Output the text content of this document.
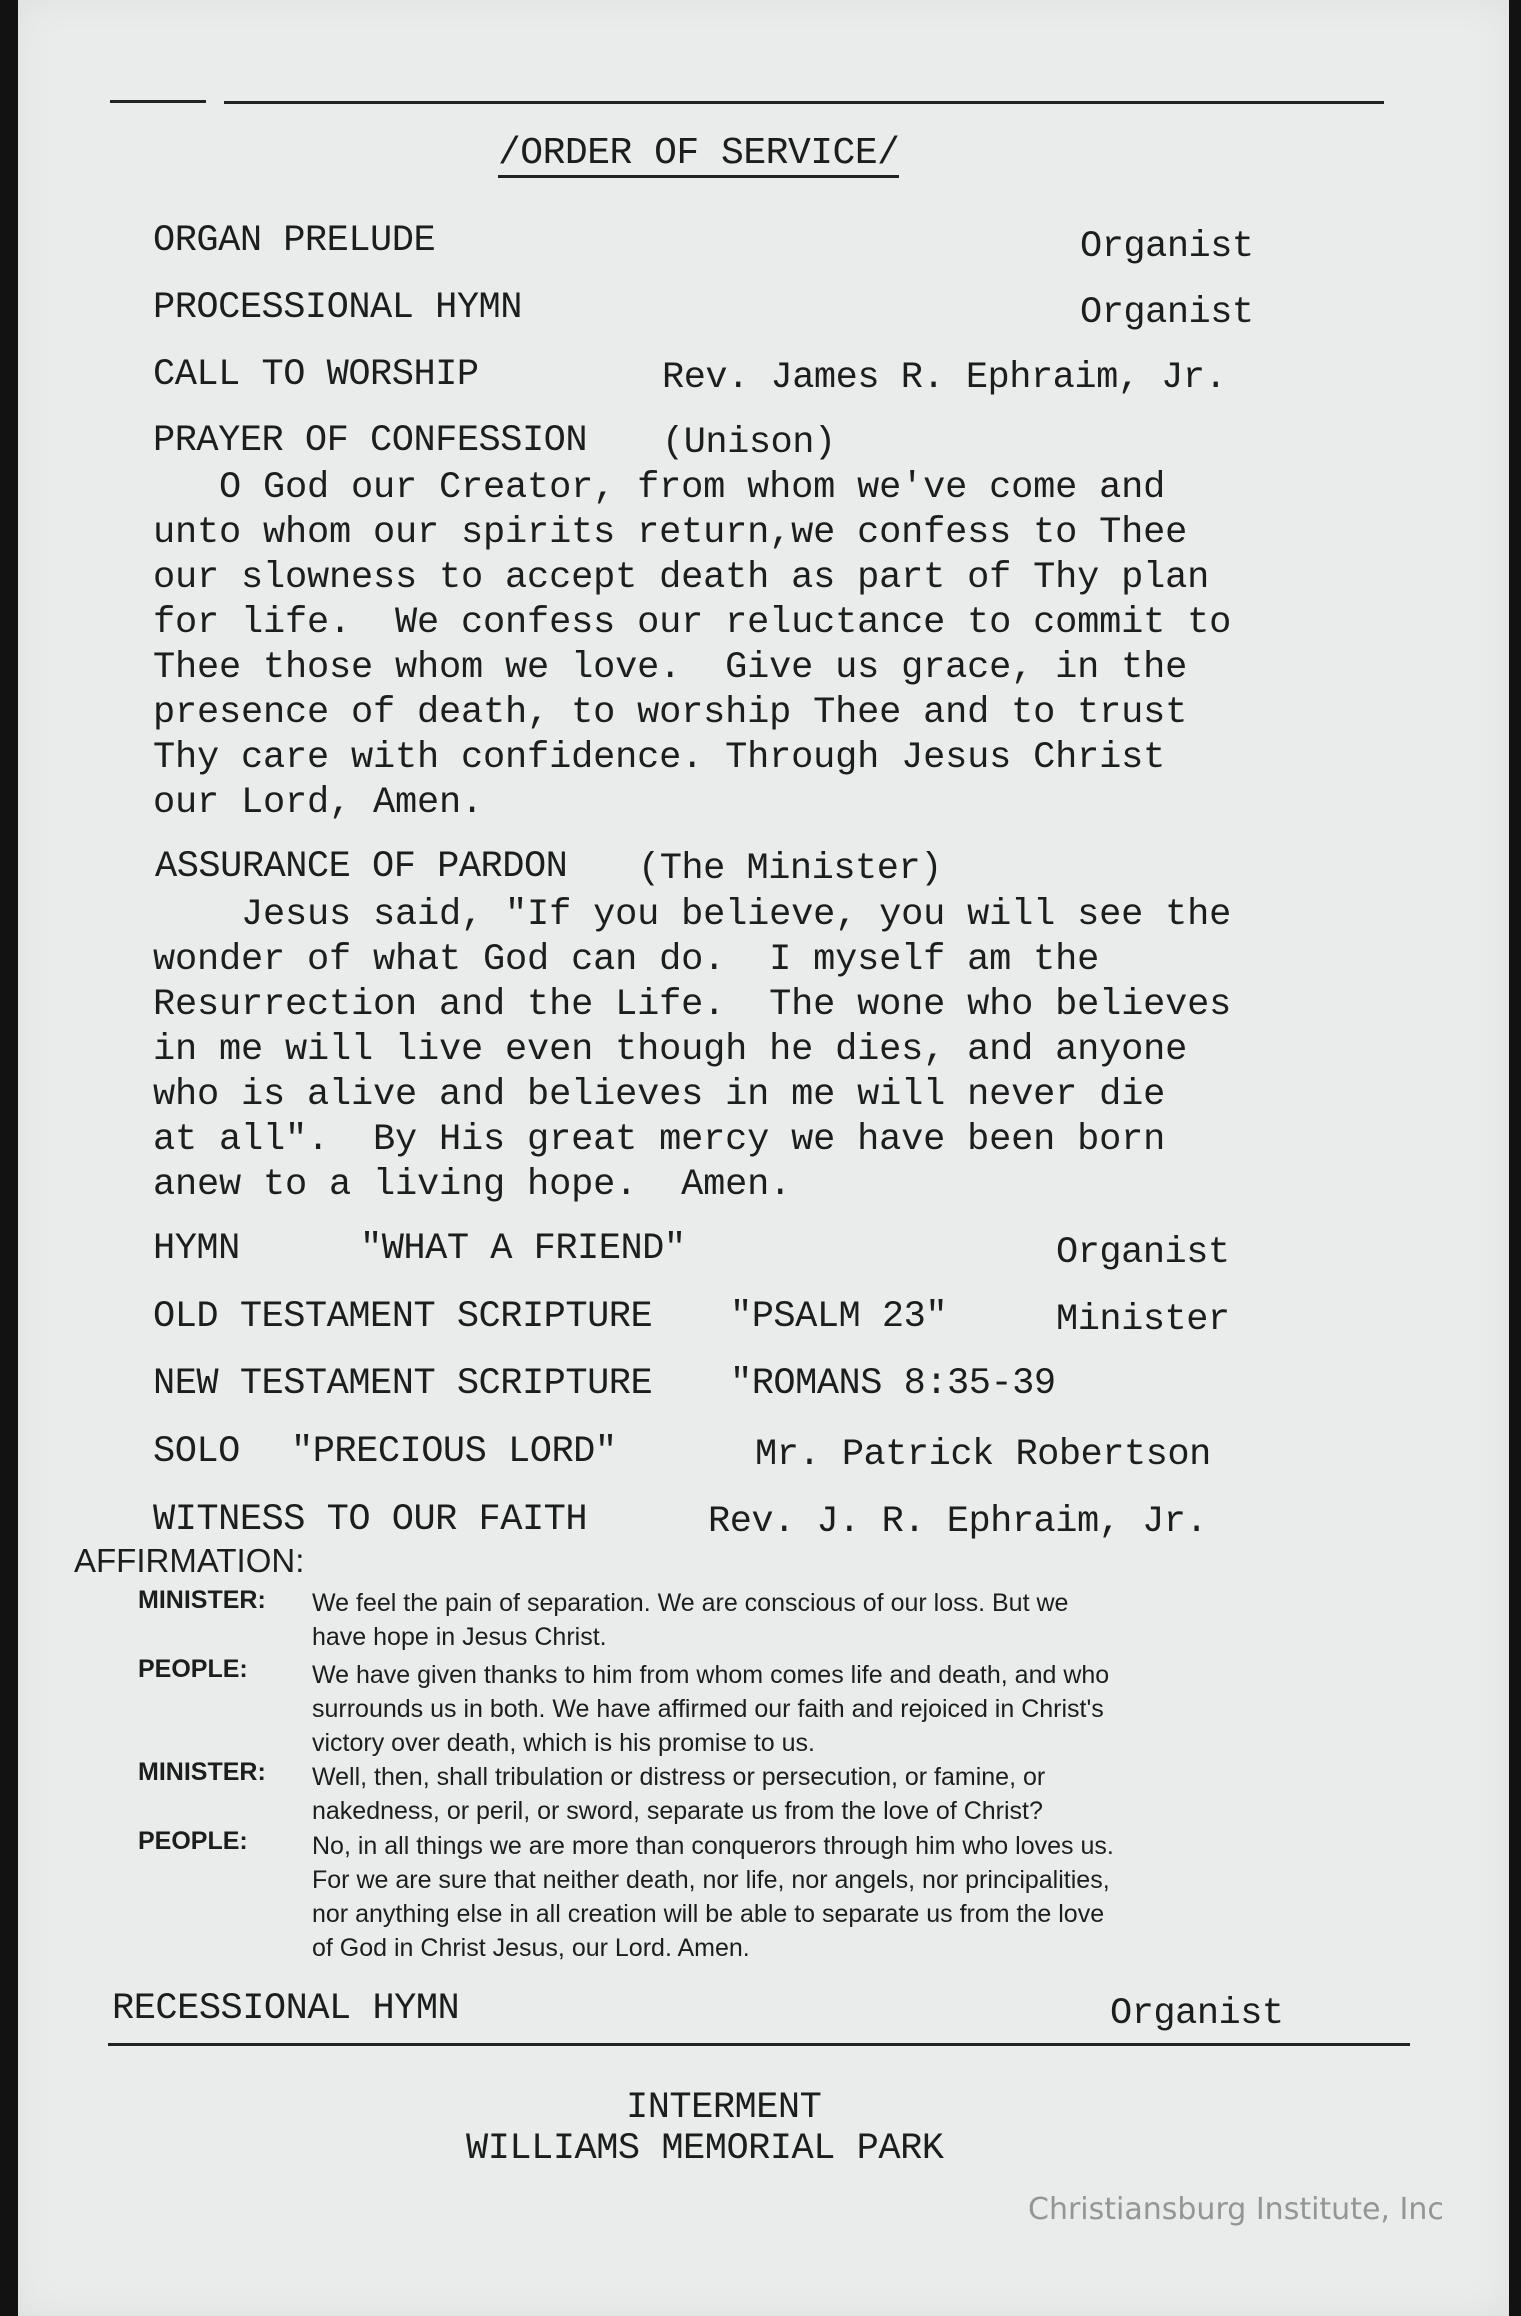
/ORDER OF SERVICE/
ORGAN PRELUDE	Organist
PROCESSIONAL HYMN	Organist
CALL TO WORSHIP	Rev. James R. Ephraim, Jr.
PRAYER OF CONFESSION (Unison)
O God our Creator, from whom we've come and
unto whom our spirits return,we confess to Thee
our slowness to accept death as part of Thy plan
for life.  We confess our reluctance to commit to
Thee those whom we love.  Give us grace, in the
presence of death, to worship Thee and to trust
Thy care with confidence. Through Jesus Christ
our Lord, Amen.
ASSURANCE OF PARDON (The Minister)
Jesus said, "If you believe, you will see the
wonder of what God can do.  I myself am the
Resurrection and the Life.  The wone who believes
in me will live even though he dies, and anyone
who is alive and believes in me will never die
at all".  By His great mercy we have been born
anew to a living hope.  Amen.
HYMN	"WHAT A FRIEND"	Organist
OLD TESTAMENT SCRIPTURE "PSALM 23"	Minister
NEW TESTAMENT SCRIPTURE "ROMANS 8:35-39
SOLO "PRECIOUS LORD"	Mr. Patrick Robertson
WITNESS TO OUR FAITH	Rev. J. R. Ephraim, Jr.
AFFIRMATION:
MINISTER: We feel the pain of separation. We are conscious of our loss. But we
have hope in Jesus Christ.
PEOPLE:	We have given thanks to him from whom comes life and death, and who
surrounds us in both. We have affirmed our faith and rejoiced in Christ's
victory over death, which is his promise to us.
MINISTER: Well, then, shall tribulation or distress or persecution, or famine, or
nakedness, or peril, or sword, separate us from the love of Christ?
PEOPLE:	No, in all things we are more than conquerors through him who loves us.
For we are sure that neither death, nor life, nor angels, nor principalities,
nor anything else in all creation will be able to separate us from the love
of God in Christ Jesus, our Lord. Amen.
RECESSIONAL HYMN	Organist
INTERMENT
WILLIAMS MEMORIAL PARK
Christiansburg Institute, Inc
